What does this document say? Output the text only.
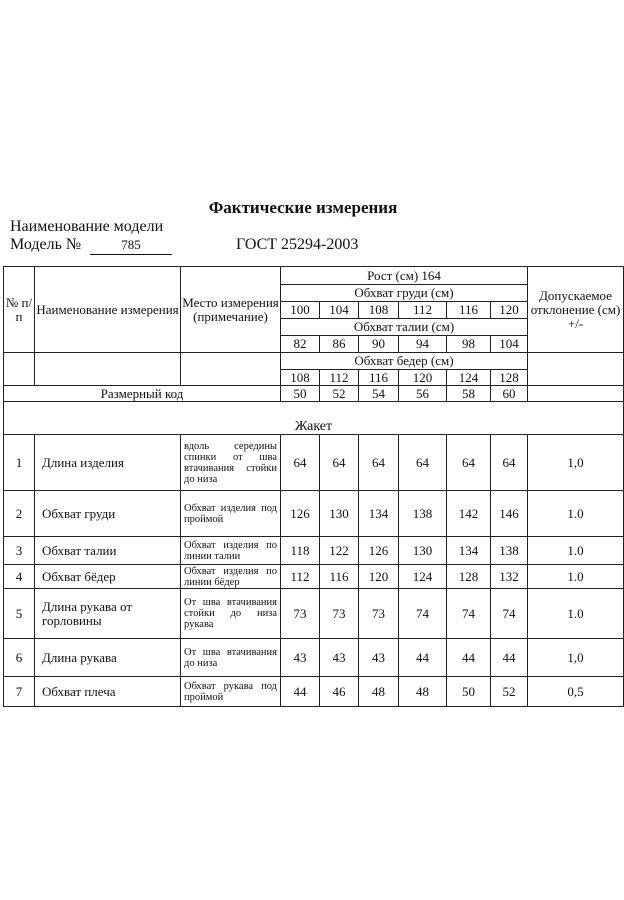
Фактические измерения
Наименование модели
Модель №	785	ГОСТ 25294-2003
№ п/ п	Наименование измерения	Место измерения (примечание)	Рост (см) 164						Допускаемое отклонение (см) +/-
			Обхват груди (см)						
			100	104	108	112	116	120	
			Обхват талии (см)						
			82	86	90	94	98	104	
			Обхват бедер (см)						
			108	112	116	120	124	128	
Размерный код			50	52	54	56	58	60	
Жакет									
1	Длина изделия	вдоль середины спинки от шва втачивания стойки до низа	64	64	64	64	64	64	1,0
2	Обхват груди	Обхват изделия под проймой	126	130	134	138	142	146	1.0
3	Обхват талии	Обхват изделия по линии талии	118	122	126	130	134	138	1.0
4	Обхват бёдер	Обхват изделия по линии бёдер	112	116	120	124	128	132	1.0
5	Длина рукава от горловины	От шва втачивания стойки до низа рукава	73	73	73	74	74	74	1.0
6	Длина рукава	От шва втачивания до низа	43	43	43	44	44	44	1,0
7	Обхват плеча	Обхват рукава под проймой	44	46	48	48	50	52	0,5
